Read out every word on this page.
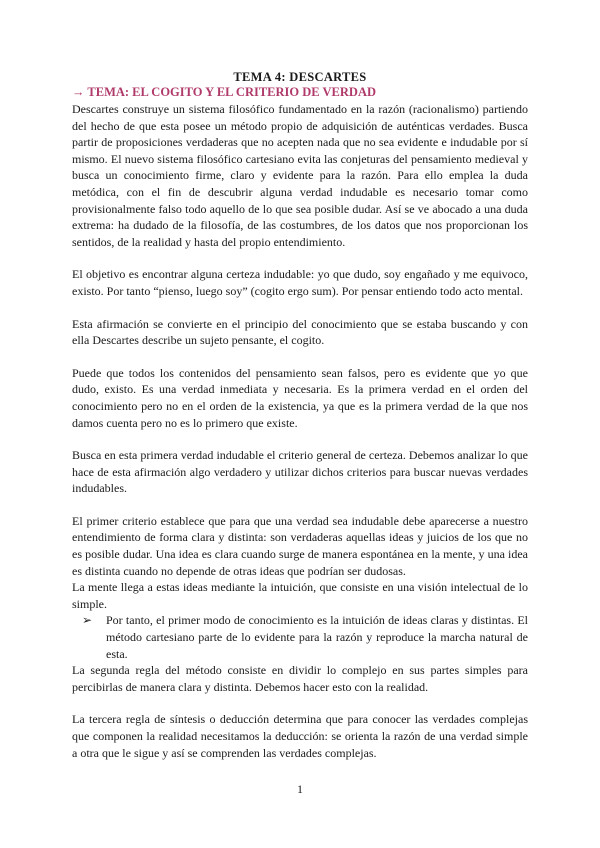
TEMA 4: DESCARTES
→ TEMA: EL COGITO Y EL CRITERIO DE VERDAD

Descartes construye un sistema filosófico fundamentado en la razón (racionalismo) partiendo del hecho de que esta posee un método propio de adquisición de auténticas verdades. Busca partir de proposiciones verdaderas que no acepten nada que no sea evidente e indudable por sí mismo. El nuevo sistema filosófico cartesiano evita las conjeturas del pensamiento medieval y busca un conocimiento firme, claro y evidente para la razón. Para ello emplea la duda metódica, con el fin de descubrir alguna verdad indudable es necesario tomar como provisionalmente falso todo aquello de lo que sea posible dudar. Así se ve abocado a una duda extrema: ha dudado de la filosofía, de las costumbres, de los datos que nos proporcionan los sentidos, de la realidad y hasta del propio entendimiento.

El objetivo es encontrar alguna certeza indudable: yo que dudo, soy engañado y me equivoco, existo. Por tanto “pienso, luego soy” (cogito ergo sum). Por pensar entiendo todo acto mental.

Esta afirmación se convierte en el principio del conocimiento que se estaba buscando y con ella Descartes describe un sujeto pensante, el cogito.

Puede que todos los contenidos del pensamiento sean falsos, pero es evidente que yo que dudo, existo. Es una verdad inmediata y necesaria. Es la primera verdad en el orden del conocimiento pero no en el orden de la existencia, ya que es la primera verdad de la que nos damos cuenta pero no es lo primero que existe.

Busca en esta primera verdad indudable el criterio general de certeza. Debemos analizar lo que hace de esta afirmación algo verdadero y utilizar dichos criterios para buscar nuevas verdades indudables.

El primer criterio establece que para que una verdad sea indudable debe aparecerse a nuestro entendimiento de forma clara y distinta: son verdaderas aquellas ideas y juicios de los que no es posible dudar. Una idea es clara cuando surge de manera espontánea en la mente, y una idea es distinta cuando no depende de otras ideas que podrían ser dudosas.

La mente llega a estas ideas mediante la intuición, que consiste en una visión intelectual de lo simple.

➢	Por tanto, el primer modo de conocimiento es la intuición de ideas claras y distintas. El método cartesiano parte de lo evidente para la razón y reproduce la marcha natural de esta.

La segunda regla del método consiste en dividir lo complejo en sus partes simples para percibirlas de manera clara y distinta. Debemos hacer esto con la realidad.

La tercera regla de síntesis o deducción determina que para conocer las verdades complejas que componen la realidad necesitamos la deducción: se orienta la razón de una verdad simple a otra que le sigue y así se comprenden las verdades complejas.

1
